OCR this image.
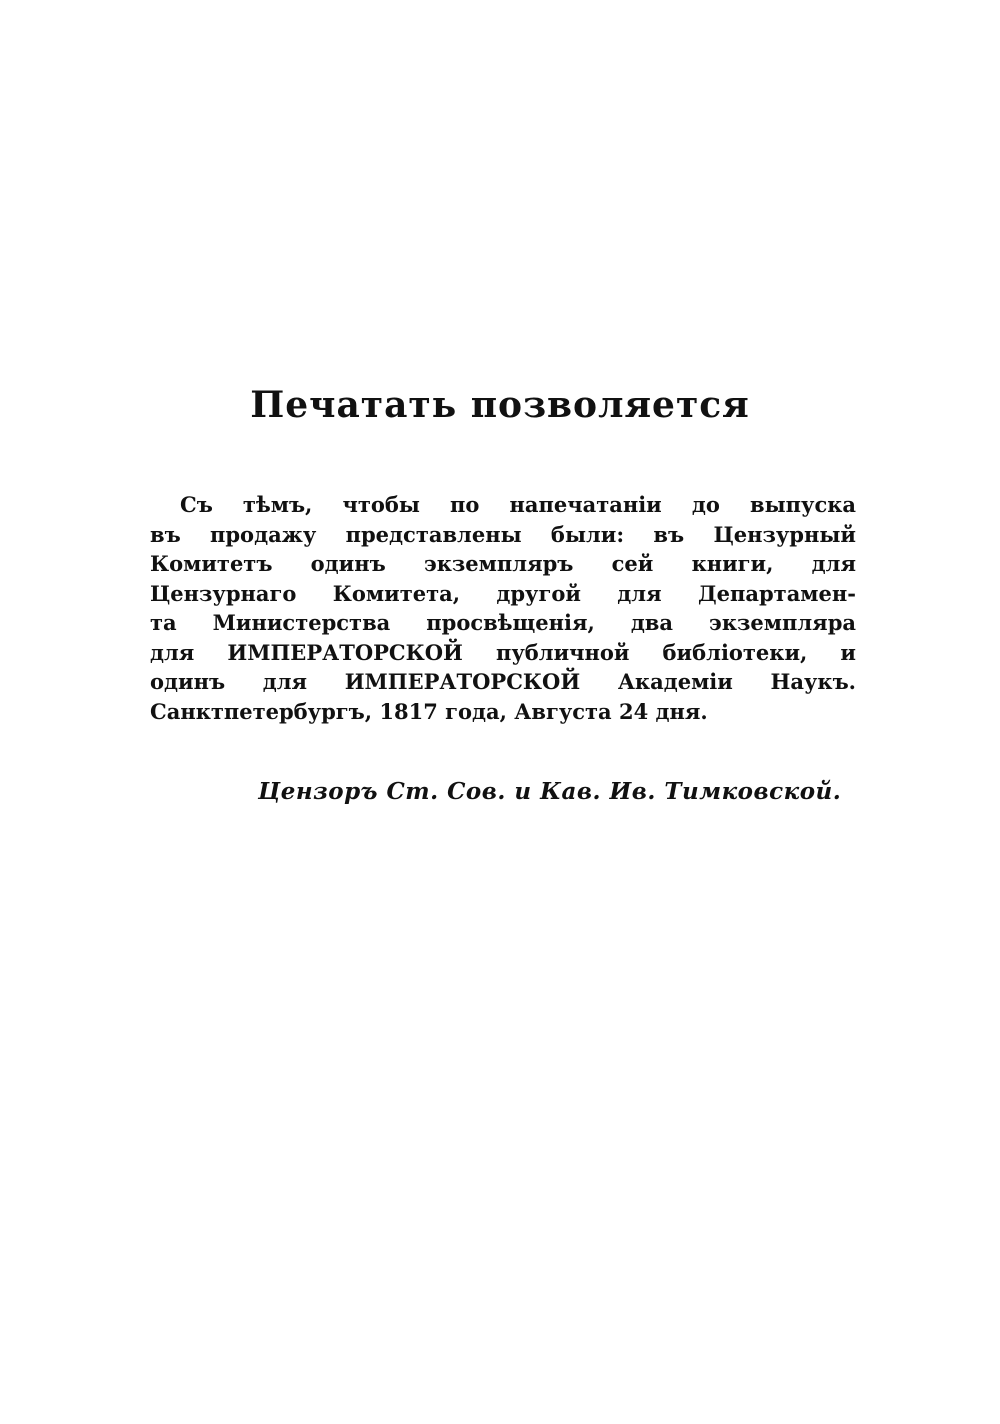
Печатать позволяется
Съ тѣмъ, чтобы по напечатаніи до выпуска
въ продажу представлены были: въ Цензурный
Комитетъ одинъ экземпляръ сей книги, для
Цензурнаго Комитета, другой для Департамен-
та Министерства просвѣщенія, два экземпляра
для ИМПЕРАТОРСКОЙ публичной библіотеки, и
одинъ для ИМПЕРАТОРСКОЙ Академіи Наукъ.
Санктпетербургъ, 1817 года, Августа 24 дня.

Цензоръ Ст. Сов. и Кав. Ив. Тимковской.
